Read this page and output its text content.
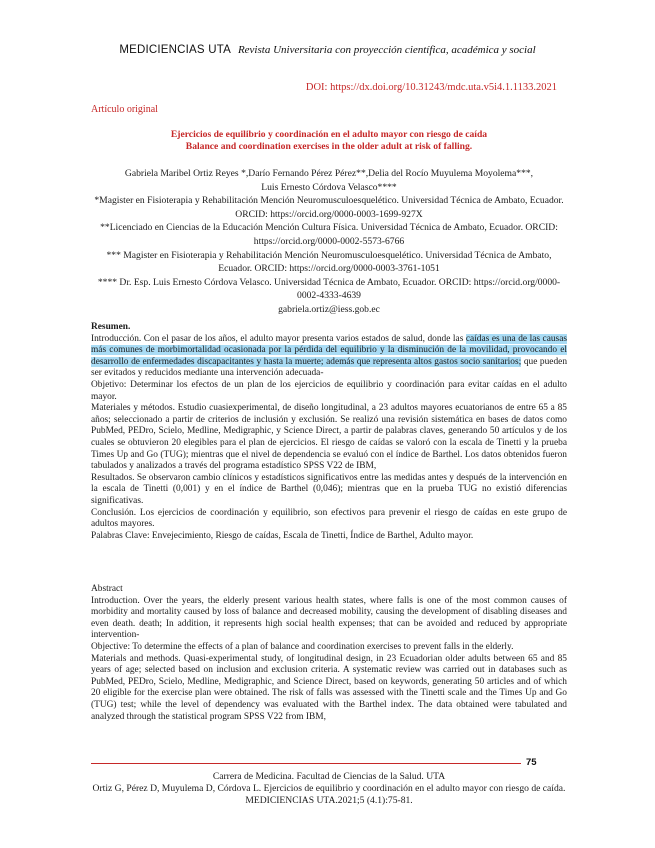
MEDICIENCIAS UTA Revista Universitaria con proyección científica, académica y social
DOI: https://dx.doi.org/10.31243/mdc.uta.v5i4.1.1133.2021
Artículo original
Ejercicios de equilibrio y coordinación en el adulto mayor con riesgo de caída
Balance and coordination exercises in the older adult at risk of falling.
Gabriela Maribel Ortiz Reyes *,Darío Fernando Pérez Pérez**,Delia del Rocío Muyulema Moyolema***,
Luis Ernesto Córdova Velasco****
*Magister en Fisioterapia y Rehabilitación Mención Neuromusculoesquelético. Universidad Técnica de Ambato, Ecuador. ORCID: https://orcid.org/0000-0003-1699-927X
**Licenciado en Ciencias de la Educación Mención Cultura Física. Universidad Técnica de Ambato, Ecuador. ORCID: https://orcid.org/0000-0002-5573-6766
*** Magister en Fisioterapia y Rehabilitación Mención Neuromusculoesquelético. Universidad Técnica de Ambato, Ecuador. ORCID: https://orcid.org/0000-0003-3761-1051
**** Dr. Esp. Luis Ernesto Córdova Velasco. Universidad Técnica de Ambato, Ecuador. ORCID: https://orcid.org/0000-0002-4333-4639
gabriela.ortiz@iess.gob.ec

Resumen.

Introducción. Con el pasar de los años, el adulto mayor presenta varios estados de salud, donde las caídas es una de las causas más comunes de morbimortalidad ocasionada por la pérdida del equilibrio y la disminución de la movilidad, provocando el desarrollo de enfermedades discapacitantes y hasta la muerte; además que representa altos gastos socio sanitarios; que pueden ser evitados y reducidos mediante una intervención adecuada-

Objetivo: Determinar los efectos de un plan de los ejercicios de equilibrio y coordinación para evitar caídas en el adulto mayor.

Materiales y métodos. Estudio cuasiexperimental, de diseño longitudinal, a 23 adultos mayores ecuatorianos de entre 65 a 85 años; seleccionado a partir de criterios de inclusión y exclusión. Se realizó una revisión sistemática en bases de datos como PubMed, PEDro, Scielo, Medline, Medigraphic, y Science Direct, a partir de palabras claves, generando 50 artículos y de los cuales se obtuvieron 20 elegibles para el plan de ejercicios. El riesgo de caídas se valoró con la escala de Tinetti y la prueba Times Up and Go (TUG); mientras que el nivel de dependencia se evaluó con el índice de Barthel. Los datos obtenidos fueron tabulados y analizados a través del programa estadístico SPSS V22 de IBM,

Resultados. Se observaron cambio clínicos y estadísticos significativos entre las medidas antes y después de la intervención en la escala de Tinetti (0,001) y en el índice de Barthel (0,046); mientras que en la prueba TUG no existió diferencias significativas.

Conclusión. Los ejercicios de coordinación y equilibrio, son efectivos para prevenir el riesgo de caídas en este grupo de adultos mayores.

Palabras Clave: Envejecimiento, Riesgo de caídas, Escala de Tinetti, Índice de Barthel, Adulto mayor.

Abstract

Introduction. Over the years, the elderly present various health states, where falls is one of the most common causes of morbidity and mortality caused by loss of balance and decreased mobility, causing the development of disabling diseases and even death. death; In addition, it represents high social health expenses; that can be avoided and reduced by appropriate intervention-

Objective: To determine the effects of a plan of balance and coordination exercises to prevent falls in the elderly.

Materials and methods. Quasi-experimental study, of longitudinal design, in 23 Ecuadorian older adults between 65 and 85 years of age; selected based on inclusion and exclusion criteria. A systematic review was carried out in databases such as PubMed, PEDro, Scielo, Medline, Medigraphic, and Science Direct, based on keywords, generating 50 articles and of which 20 eligible for the exercise plan were obtained. The risk of falls was assessed with the Tinetti scale and the Times Up and Go (TUG) test; while the level of dependency was evaluated with the Barthel index. The data obtained were tabulated and analyzed through the statistical program SPSS V22 from IBM,

75
Carrera de Medicina. Facultad de Ciencias de la Salud. UTA
Ortiz G, Pérez D, Muyulema D, Córdova L. Ejercicios de equilibrio y coordinación en el adulto mayor con riesgo de caída. MEDICIENCIAS UTA.2021;5 (4.1):75-81.
